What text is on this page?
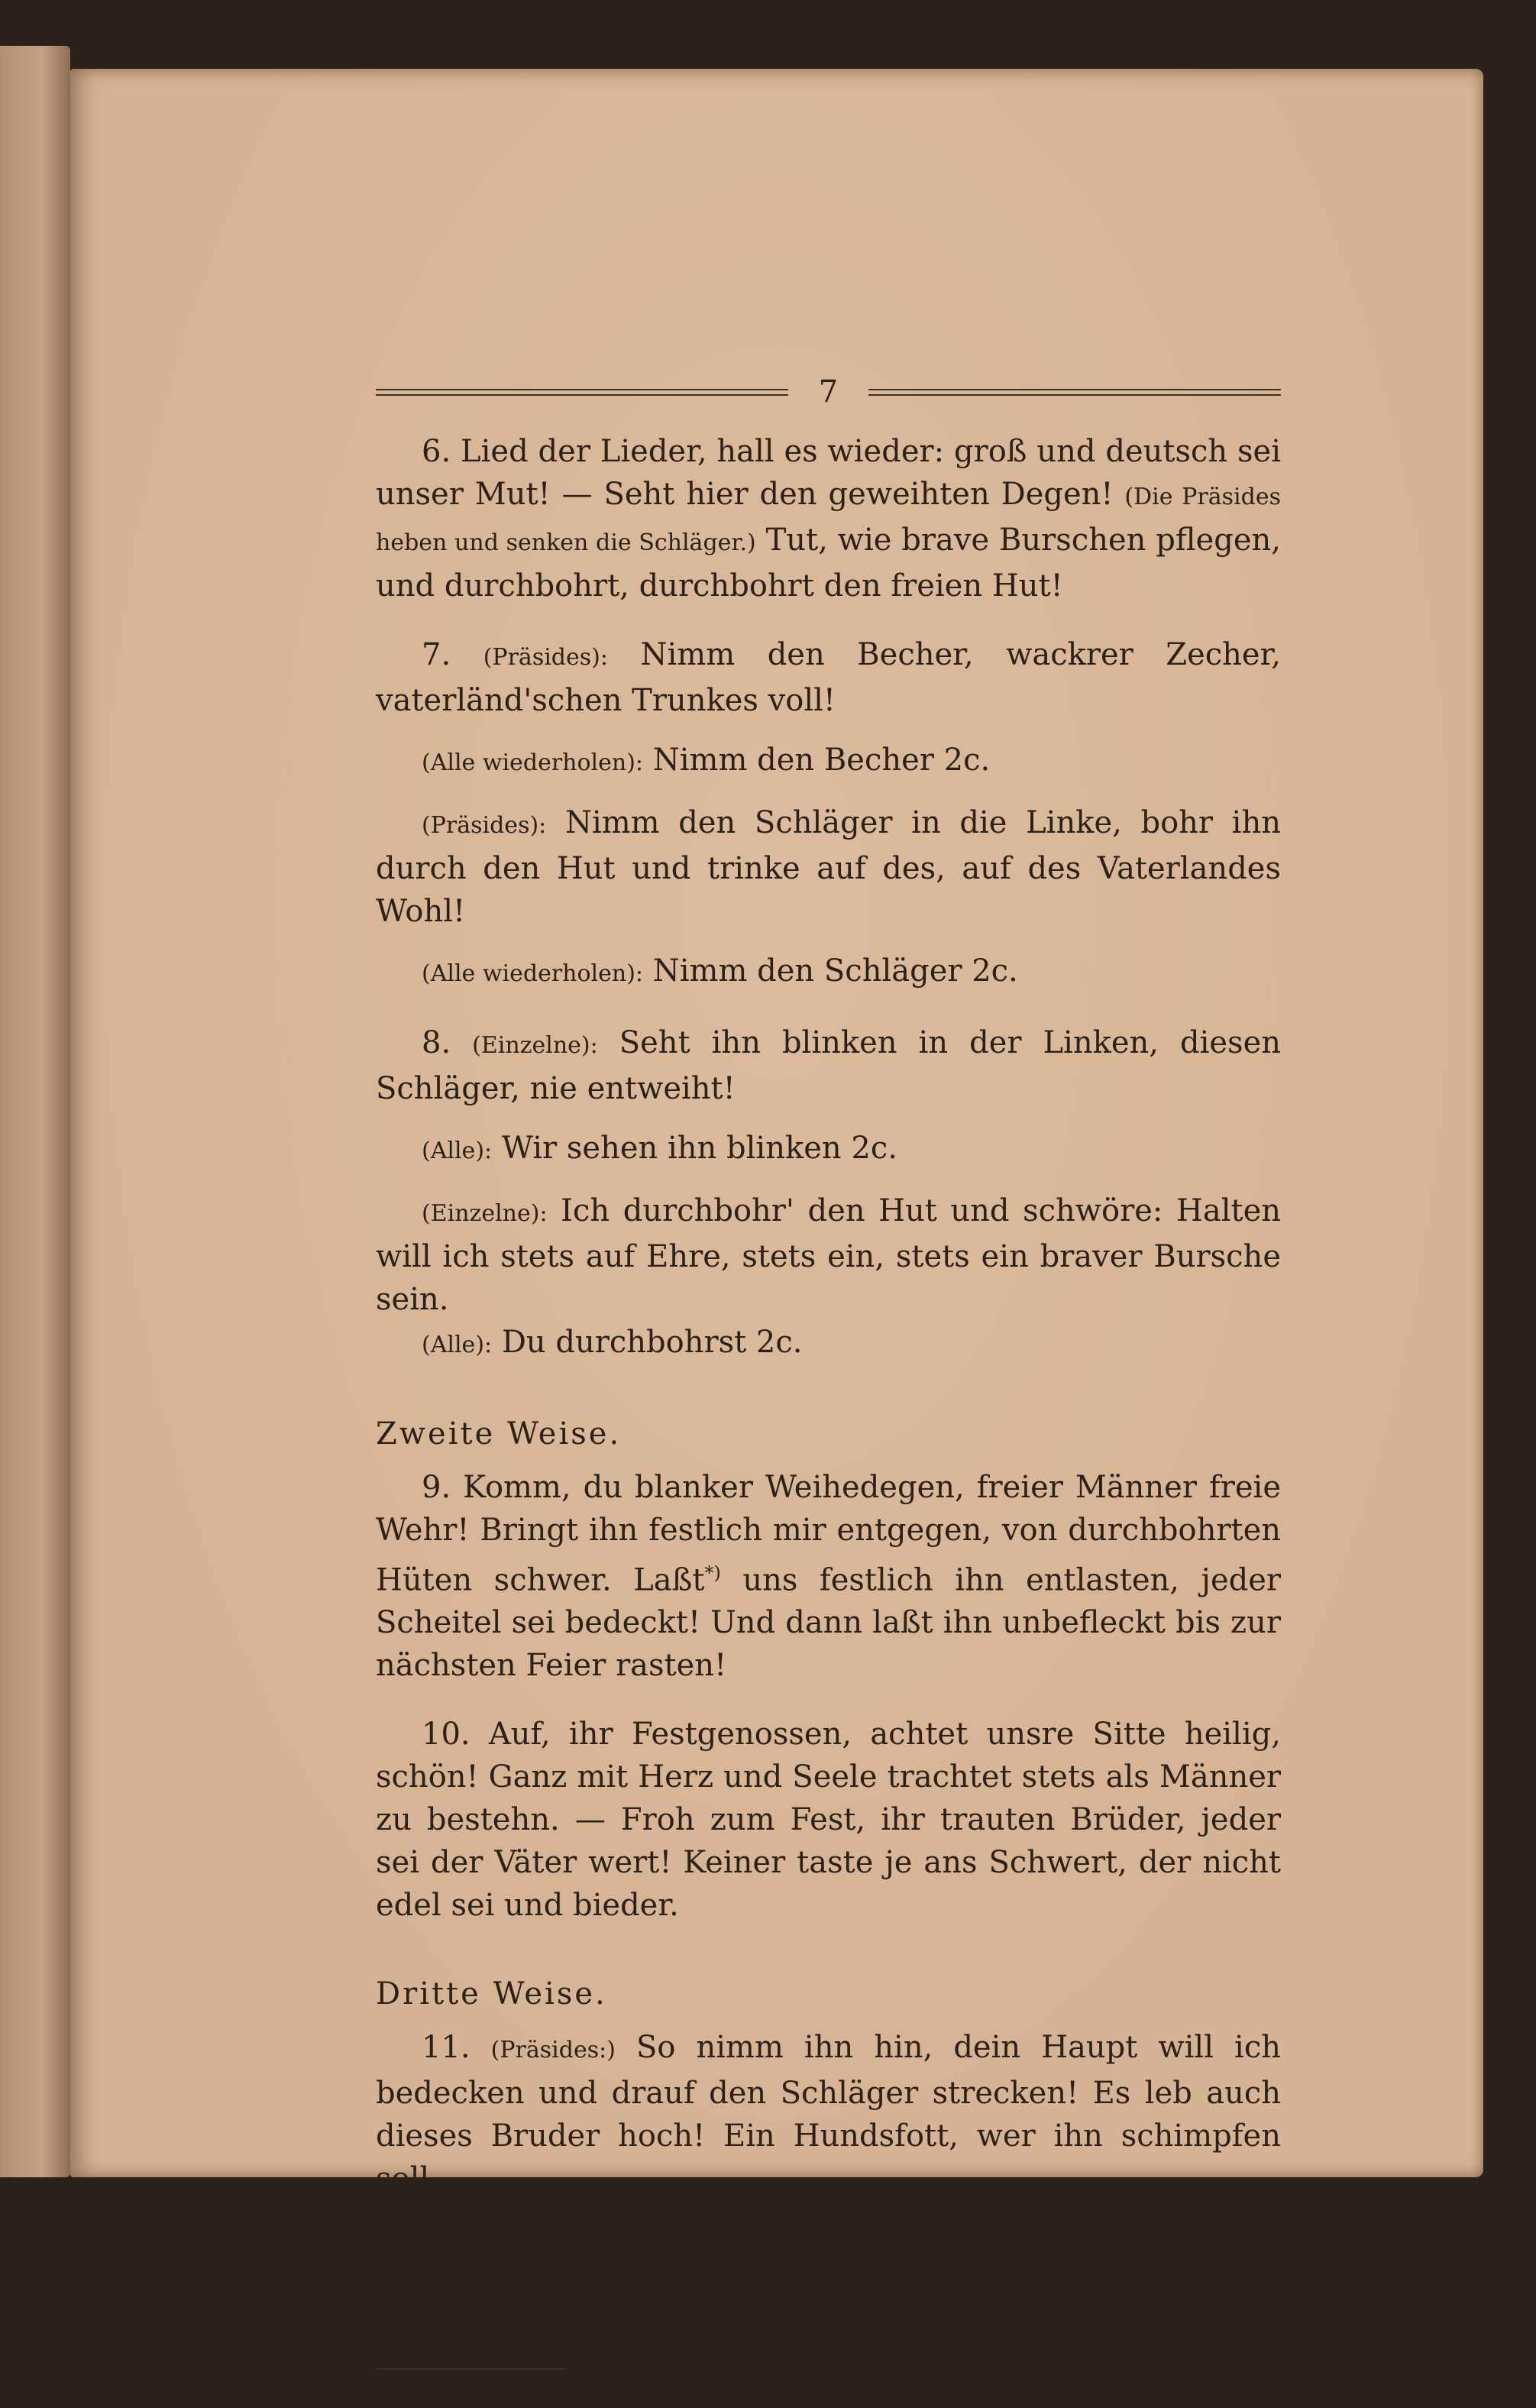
7

6. Lied der Lieder, hall es wieder: groß und deutsch sei unser Mut! — Seht hier den geweihten Degen! (Die Präsides heben und senken die Schläger.) Tut, wie brave Burschen pflegen, und durchbohrt, durchbohrt den freien Hut!

7. (Präsides): Nimm den Becher, wackrer Zecher, vaterländ'schen Trunkes voll!

(Alle wiederholen): Nimm den Becher 2c.

(Präsides): Nimm den Schläger in die Linke, bohr ihn durch den Hut und trinke auf des, auf des Vaterlandes Wohl!

(Alle wiederholen): Nimm den Schläger 2c.

8. (Einzelne): Seht ihn blinken in der Linken, diesen Schläger, nie entweiht!

(Alle): Wir sehen ihn blinken 2c.

(Einzelne): Ich durchbohr' den Hut und schwöre: Halten will ich stets auf Ehre, stets ein, stets ein braver Bursche sein.

(Alle): Du durchbohrst 2c.

Zweite Weise.

9. Komm, du blanker Weihedegen, freier Männer freie Wehr! Bringt ihn festlich mir entgegen, von durchbohrten Hüten schwer. Laßt*) uns festlich ihn entlasten, jeder Scheitel sei bedeckt! Und dann laßt ihn unbefleckt bis zur nächsten Feier rasten!

10. Auf, ihr Festgenossen, achtet unsre Sitte heilig, schön! Ganz mit Herz und Seele trachtet stets als Männer zu bestehn. — Froh zum Fest, ihr trauten Brüder, jeder sei der Väter wert! Keiner taste je ans Schwert, der nicht edel sei und bieder.

Dritte Weise.

11. (Präsides:) So nimm ihn hin, dein Haupt will ich bedecken und drauf den Schläger strecken! Es leb auch dieses Bruder hoch! Ein Hundsfott, wer ihn schimpfen soll.

(Alles) So lange wir ihn kennen, woll'n wir ihn Bruder nennen! es leb' auch dieser Bruder hoch, es leb' auch dieser Bruder hoch.

*) Hier wechseln die Präsides die Schläger.
